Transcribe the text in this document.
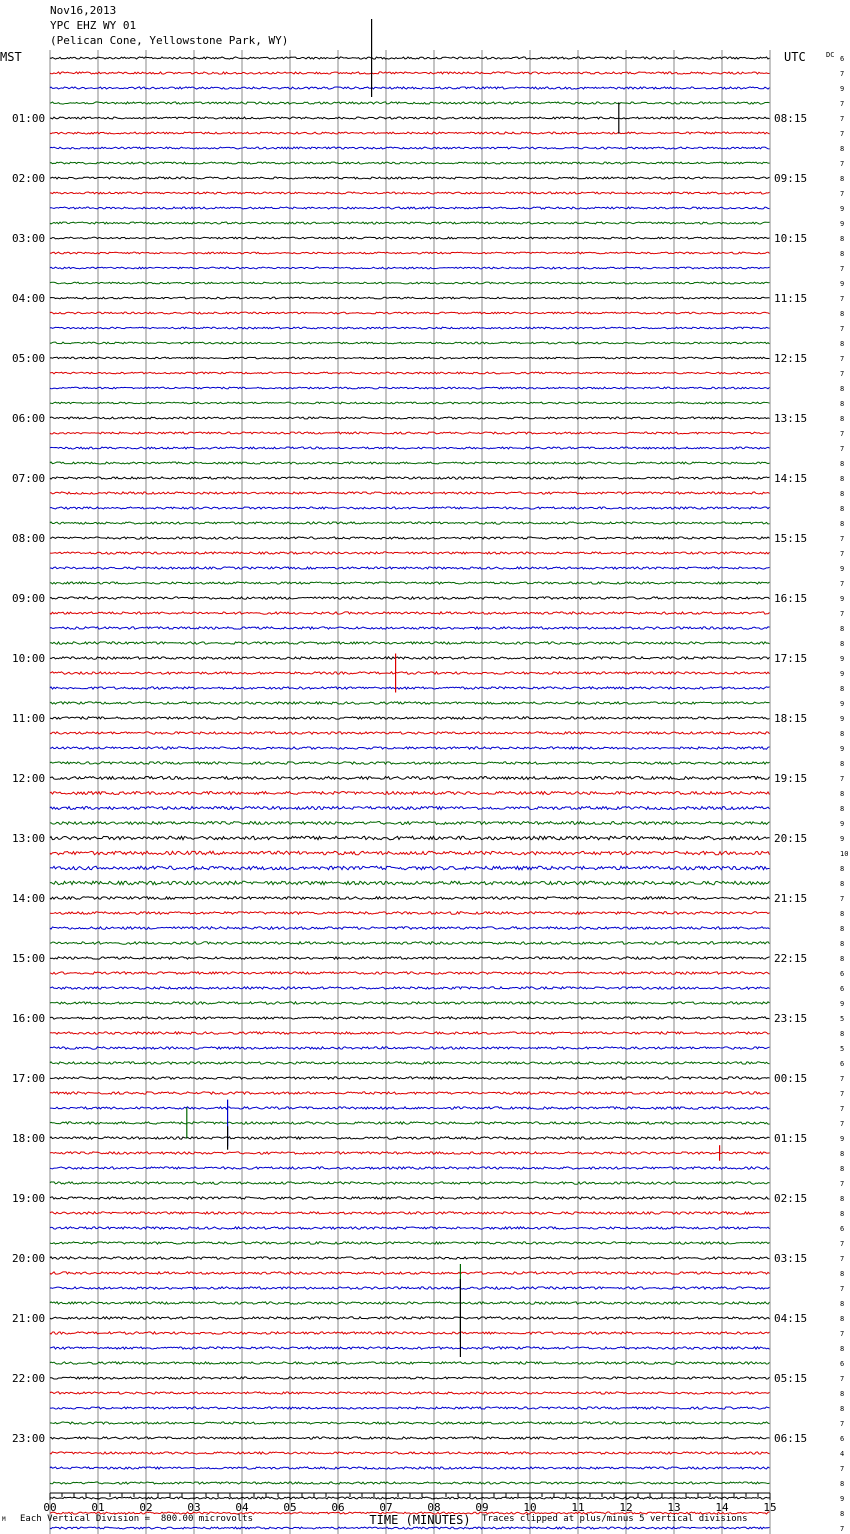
Nov16,2013
YPC EHZ WY 01
(Pelican Cone, Yellowstone Park, WY)
MST	UTC	DC 6
7
9
7
7
7
8
7
8
7
9
9
8
8
7
9
7
8
7
8
7
7
8
8
8
7
7
8
8
8
8
8
7
7
9
7
9
7
8
8
9
9
8
9
9
8
9
8
7
8
8
9
9
10
8
8
7
8
8
8
8
6
6
9
5
8
5
6
7
7
7
7
9
8
8
7
8
8
6
7
7
8
7
8
8
7
8
6
7
8
8
7
6
4
7
8
9
8
7
01:00
02:00
03:00
04:00
05:00
06:00
07:00
08:00
09:00
10:00
11:00
12:00
13:00
14:00
15:00
16:00
17:00
18:00
19:00
20:00
21:00
22:00
23:00
08:15
09:15
10:15
11:15
12:15
13:15
14:15
15:15
16:15
17:15
18:15
19:15
20:15
21:15
22:15
23:15
00:15
01:15
02:15
03:15
04:15
05:15
06:15
TIME (MINUTES)
00	01	02	03	04	05	06	07	08	09	10	11	12	13	14	15
M Each Vertical Division =  800.00 microvolts	Traces clipped at plus/minus 5 vertical divisions
